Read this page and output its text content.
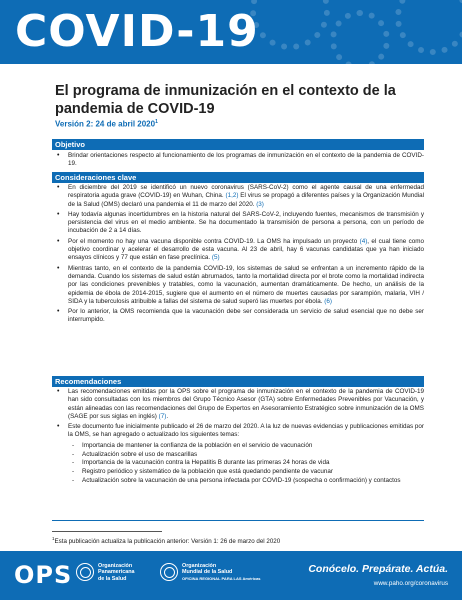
COVID-19
El programa de inmunización en el contexto de la pandemia de COVID-19
Versión 2: 24 de abril 2020$^1$
Objetivo
• Brindar orientaciones respecto al funcionamiento de los programas de inmunización en el contexto de la pandemia de COVID-19.
Consideraciones clave
• En diciembre del 2019 se identificó un nuevo coronavirus (SARS-CoV-2) como el agente causal de una enfermedad respiratoria aguda grave (COVID-19) en Wuhan, China. (1,2) El virus se propagó a diferentes países y la Organización Mundial de la Salud (OMS) declaró una pandemia el 11 de marzo del 2020. (3)
• Hay todavía algunas incertidumbres en la historia natural del SARS-CoV-2, incluyendo fuentes, mecanismos de transmisión y persistencia del virus en el medio ambiente. Se ha documentado la transmisión de persona a persona, con un período de incubación de 2 a 14 días.
• Por el momento no hay una vacuna disponible contra COVID-19. La OMS ha impulsado un proyecto (4), el cual tiene como objetivo coordinar y acelerar el desarrollo de esta vacuna. Al 23 de abril, hay 6 vacunas candidatas que ya han iniciado ensayos clínicos y 77 que están en fase preclínica. (5)
• Mientras tanto, en el contexto de la pandemia COVID-19, los sistemas de salud se enfrentan a un incremento rápido de la demanda. Cuando los sistemas de salud están abrumados, tanto la mortalidad directa por el brote como la mortalidad indirecta por las condiciones prevenibles y tratables, como la vacunación, aumentan dramáticamente. De hecho, un análisis de la epidemia de ébola de 2014-2015, sugiere que el aumento en el número de muertes causadas por sarampión, malaria, VIH / SIDA y la tuberculosis atribuible a fallas del sistema de salud superó las muertes por ébola. (6)
• Por lo anterior, la OMS recomienda que la vacunación debe ser considerada un servicio de salud esencial que no debe ser interrumpido.
Recomendaciones
• Las recomendaciones emitidas por la OPS sobre el programa de inmunización en el contexto de la pandemia de COVID-19 han sido consultadas con los miembros del Grupo Técnico Asesor (GTA) sobre Enfermedades Prevenibles por Vacunación, y están alineadas con las recomendaciones del Grupo de Expertos en Asesoramiento Estratégico sobre inmunización de la OMS (SAGE por sus siglas en inglés) (7).
• Este documento fue inicialmente publicado el 26 de marzo del 2020. A la luz de nuevas evidencias y publicaciones emitidas por la OMS, se han agregado o actualizado los siguientes temas:
- Importancia de mantener la confianza de la población en el servicio de vacunación
- Actualización sobre el uso de mascarillas
- Importancia de la vacunación contra la Hepatitis B durante las primeras 24 horas de vida
- Registro periódico y sistemático de la población que está quedando pendiente de vacunar
- Actualización sobre la vacunación de una persona infectada por COVID-19 (sospecha o confirmación) y contactos
$^1$Esta publicación actualiza la publicación anterior: Versión 1: 26 de marzo del 2020
OPS	Organización
Panamericana
de la Salud
Organización
Mundial de la Salud
OFICINA REGIONAL PARA LAS Américas
Conócelo. Prepárate. Actúa.
www.paho.org/coronavirus
